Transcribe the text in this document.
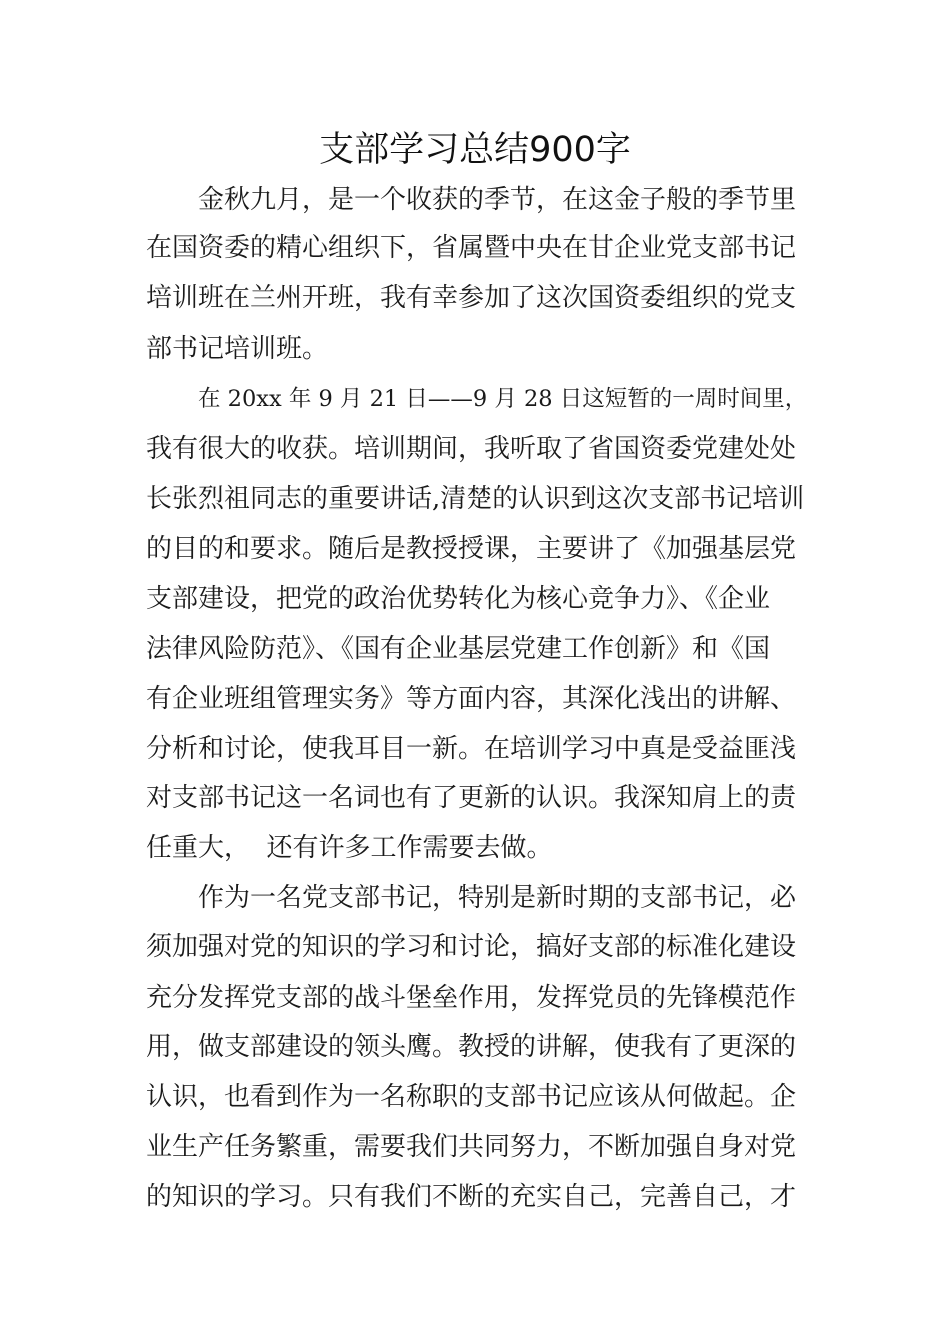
支部学习总结900字
金秋九月，是一个收获的季节，在这金子般的季节里
在国资委的精心组织下，省属暨中央在甘企业党支部书记
培训班在兰州开班，我有幸参加了这次国资委组织的党支
部书记培训班。
在 20xx 年 9 月 21 日——9 月 28 日这短暂的一周时间里，
我有很大的收获。培训期间，我听取了省国资委党建处处
长张烈祖同志的重要讲话,清楚的认识到这次支部书记培训
的目的和要求。随后是教授授课，主要讲了《加强基层党
支部建设，把党的政治优势转化为核心竞争力》、《企业
法律风险防范》、《国有企业基层党建工作创新》和《国
有企业班组管理实务》等方面内容，其深化浅出的讲解、
分析和讨论，使我耳目一新。在培训学习中真是受益匪浅
对支部书记这一名词也有了更新的认识。我深知肩上的责
任重大，  还有许多工作需要去做。
作为一名党支部书记，特别是新时期的支部书记，必
须加强对党的知识的学习和讨论，搞好支部的标准化建设
充分发挥党支部的战斗堡垒作用，发挥党员的先锋模范作
用，做支部建设的领头鹰。教授的讲解，使我有了更深的
认识，也看到作为一名称职的支部书记应该从何做起。企
业生产任务繁重，需要我们共同努力，不断加强自身对党
的知识的学习。只有我们不断的充实自己，完善自己，才
